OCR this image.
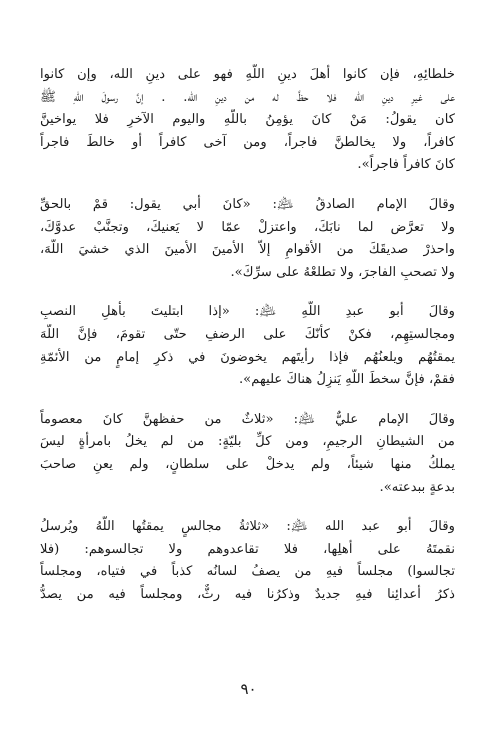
خلطائِهِ، فإن كانوا أهلَ دينِ اللّهِ فهو على دينِ الله، وإن كانوا
على غيرِ دينِ الله فلا حظَّ له من دينِ الله. . إنَّ رسولَ اللّهِ ﷺ
كان يقولُ: مَنْ كانَ يؤمِنُ باللّهِ واليوم الآخرِ فلا يواخينَّ
كافراً، ولا يخالطنَّ فاجراً، ومن آخى كافراً أو خالطَ فاجراً
كانَ كافراً فاجراً».

وقالَ الإمام الصادقُ ﵇: «كانَ أبي يقول: قمْ بالحقِّ
ولا تعرَّض لما نابَكَ، واعتزلْ عمّا لا يَعنيكَ، وتجنَّبْ عدوَّكَ،
واحذرْ صديقَكَ من الأقوامِ إلاّ الأمينَ الأمينَ الذي خشيَ اللّهَ،
ولا تصحبِ الفاجرَ، ولا تطلعْهُ على سرِّكَ».

وقالَ أبو عبدِ اللّهِ ﵇: «إذا ابتليتَ بأهلِ النصبِ
ومجالستِهِم، فكنْ كأنّكَ على الرضفِ حتّى تقومَ، فإنَّ اللّهَ
يمقتُهُم ويلعنُهُم فإذا رأيتَهم يخوضونَ في ذكرِ إمامٍ من الأئمّةِ
فقمْ، فإنَّ سخطَ اللّهِ يَنزِلُ هناكَ عليهم».

وقالَ الإمام عليٌّ ﵇: «ثلاثٌ من حفظهنَّ كانَ معصوماً
من الشيطانِ الرجيمِ، ومن كلِّ بليّةٍ: من لم يخلُ بامرأةٍ ليسَ
يملكُ منها شيئاً، ولم يدخلْ على سلطانٍ، ولم يعنِ صاحبَ
بدعةٍ ببدعته».

وقالَ أبو عبد الله ﵇: «ثلاثةُ مجالسٍ يمقتُها اللّهُ ويُرسلُ
نقمتَهُ على أهلِها، فلا تقاعدوهم ولا تجالسوهم: (فلا
تجالسوا) مجلساً فيهِ من يصفُ لسانُه كذباً في فتياه، ومجلساً
ذكرُ أعدائِنا فيهِ جديدٌ وذكرُنا فيه رثٌّ، ومجلساً فيه من يصدُّ

٩٠
